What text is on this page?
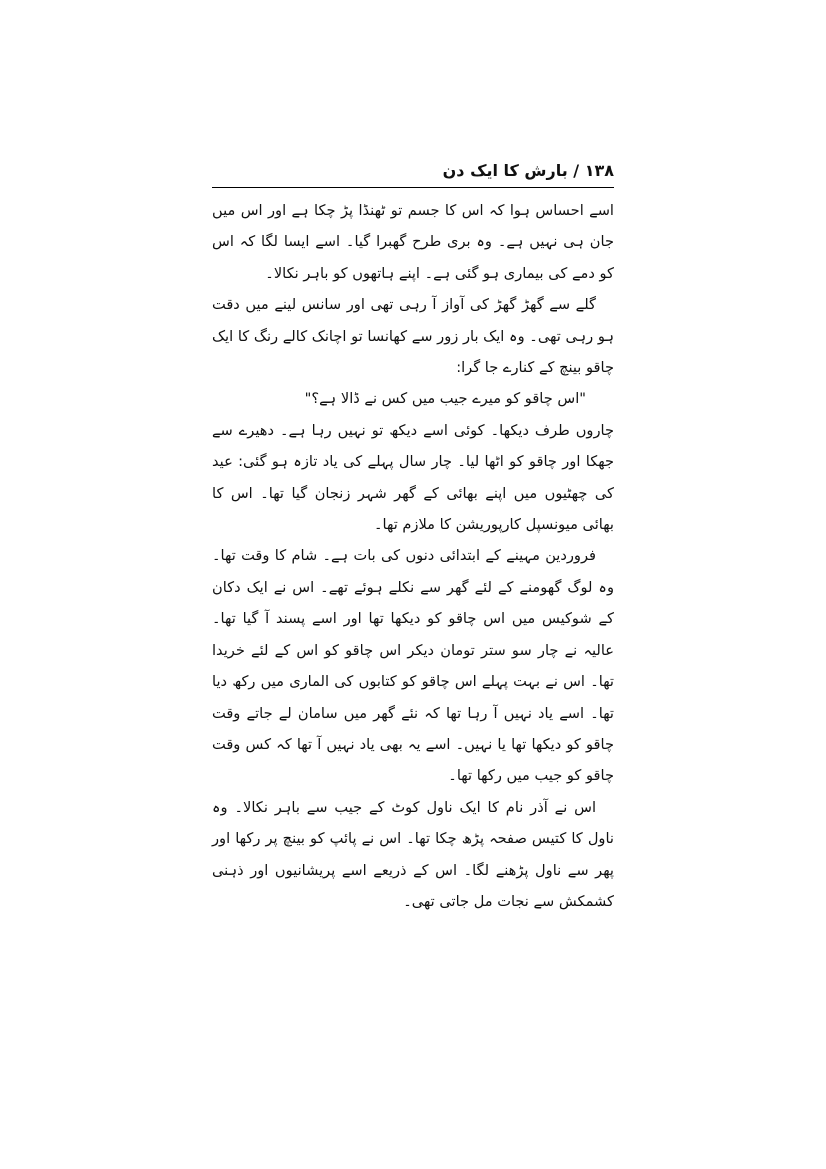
۱۳۸ / بارش کا ایک دن

اسے احساس ہوا کہ اس کا جسم تو ٹھنڈا پڑ چکا ہے اور اس میں جان ہی نہیں ہے۔ وہ بری طرح گھبرا گیا۔ اسے ایسا لگا کہ اس کو دمے کی بیماری ہو گئی ہے۔ اپنے ہاتھوں کو باہر نکالا۔

گلے سے گھڑ گھڑ کی آواز آ رہی تھی اور سانس لینے میں دقت ہو رہی تھی۔ وہ ایک بار زور سے کھانسا تو اچانک کالے رنگ کا ایک چاقو بینچ کے کنارے جا گرا:

"اس چاقو کو میرے جیب میں کس نے ڈالا ہے؟"

چاروں طرف دیکھا۔ کوئی اسے دیکھ تو نہیں رہا ہے۔ دھیرے سے جھکا اور چاقو کو اٹھا لیا۔ چار سال پہلے کی یاد تازہ ہو گئی: عید کی چھٹیوں میں اپنے بھائی کے گھر شہر زنجان گیا تھا۔ اس کا بھائی میونسپل کارپوریشن کا ملازم تھا۔

فروردین مہینے کے ابتدائی دنوں کی بات ہے۔ شام کا وقت تھا۔ وہ لوگ گھومنے کے لئے گھر سے نکلے ہوئے تھے۔ اس نے ایک دکان کے شوکیس میں اس چاقو کو دیکھا تھا اور اسے پسند آ گیا تھا۔ عالیہ نے چار سو ستر تومان دیکر اس چاقو کو اس کے لئے خریدا تھا۔ اس نے بہت پہلے اس چاقو کو کتابوں کی الماری میں رکھ دیا تھا۔ اسے یاد نہیں آ رہا تھا کہ نئے گھر میں سامان لے جاتے وقت چاقو کو دیکھا تھا یا نہیں۔ اسے یہ بھی یاد نہیں آ تھا کہ کس وقت چاقو کو جیب میں رکھا تھا۔

اس نے آذر نام کا ایک ناول کوٹ کے جیب سے باہر نکالا۔ وہ ناول کا کتیس صفحہ پڑھ چکا تھا۔ اس نے پائپ کو بینچ پر رکھا اور پھر سے ناول پڑھنے لگا۔ اس کے ذریعے اسے پریشانیوں اور ذہنی کشمکش سے نجات مل جاتی تھی۔
